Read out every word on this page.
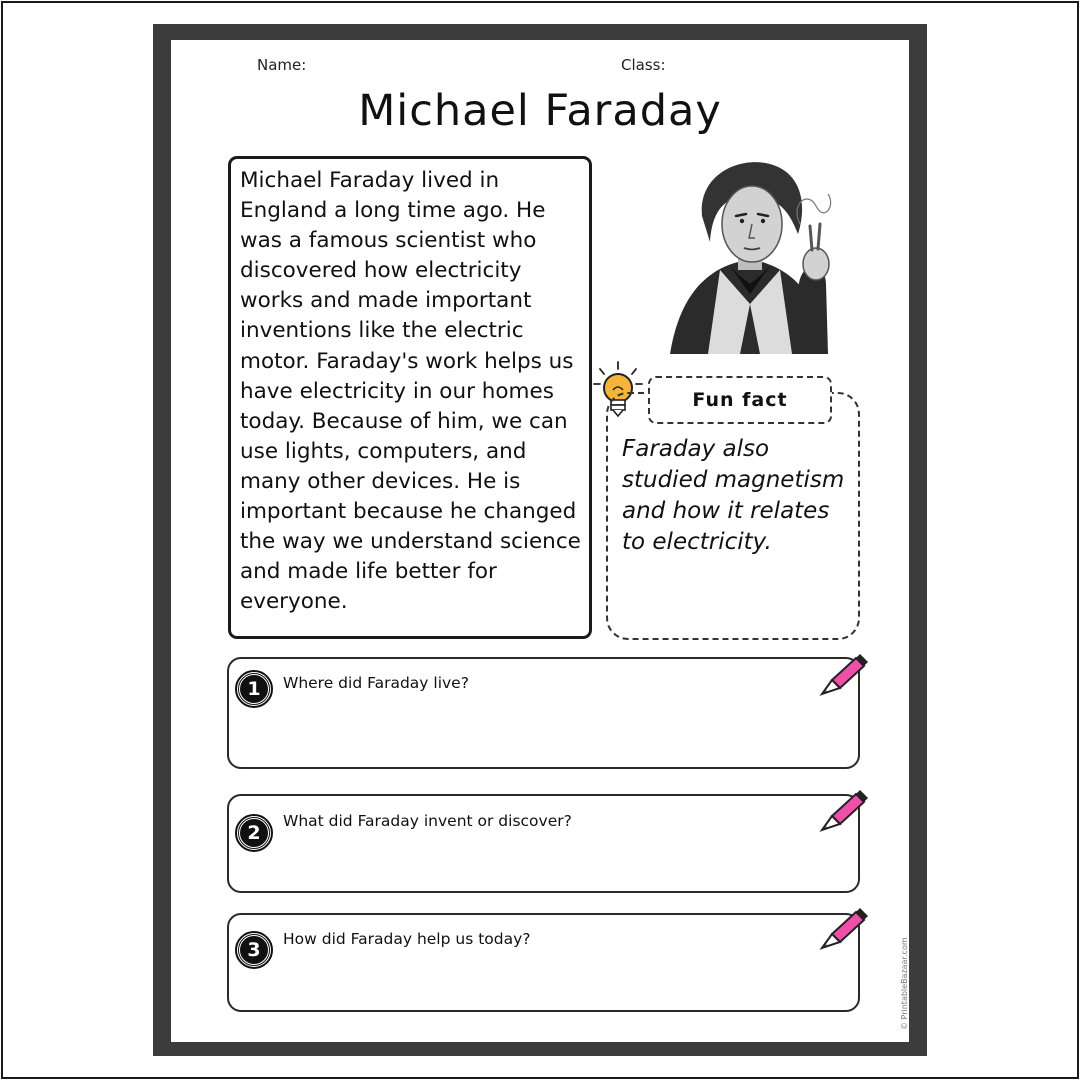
Name:	Class:
Michael Faraday

Michael Faraday lived in England a long time ago. He was a famous scientist who discovered how electricity works and made important inventions like the electric motor. Faraday's work helps us have electricity in our homes today. Because of him, we can use lights, computers, and many other devices. He is important because he changed the way we understand science and made life better for everyone.

Fun fact

Faraday also studied magnetism and how it relates to electricity.

1	Where did Faraday live?
2
What did Faraday invent or discover?
3	How did Faraday help us today?	© PrintableBazaar.com
